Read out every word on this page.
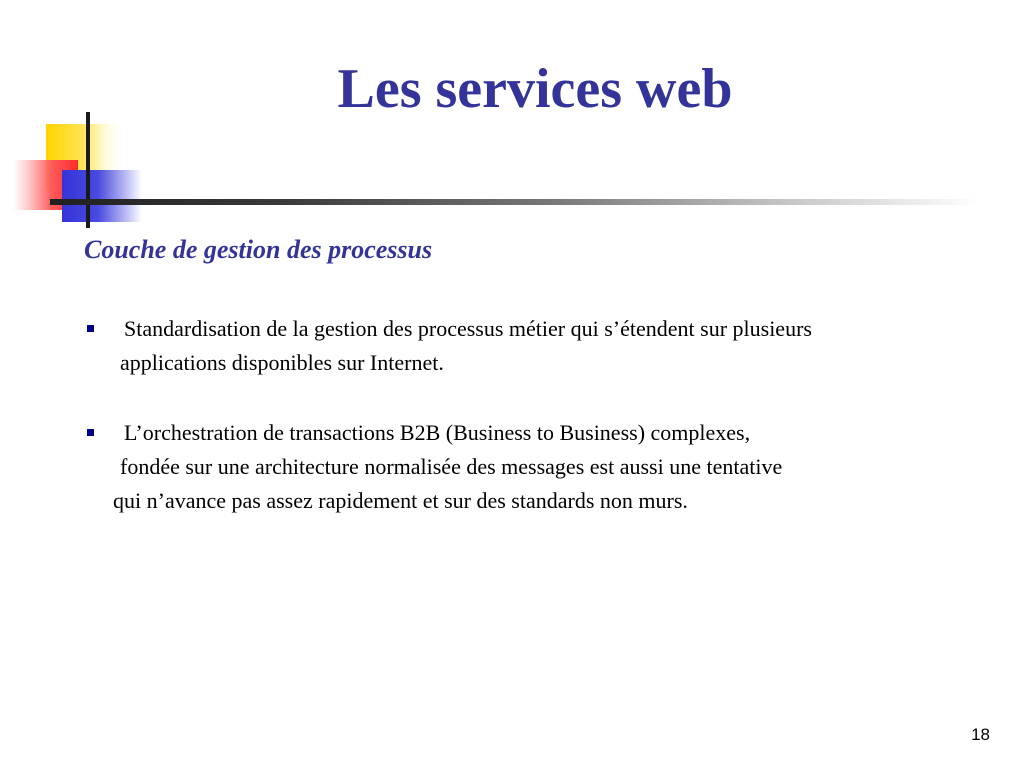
Les services web
Couche de gestion des processus
Standardisation de la gestion des processus métier qui s’étendent sur plusieurs
applications disponibles sur Internet.
L’orchestration de transactions B2B (Business to Business) complexes,
fondée sur une architecture normalisée des messages est aussi une tentative
qui n’avance pas assez rapidement et sur des standards non murs.
18
